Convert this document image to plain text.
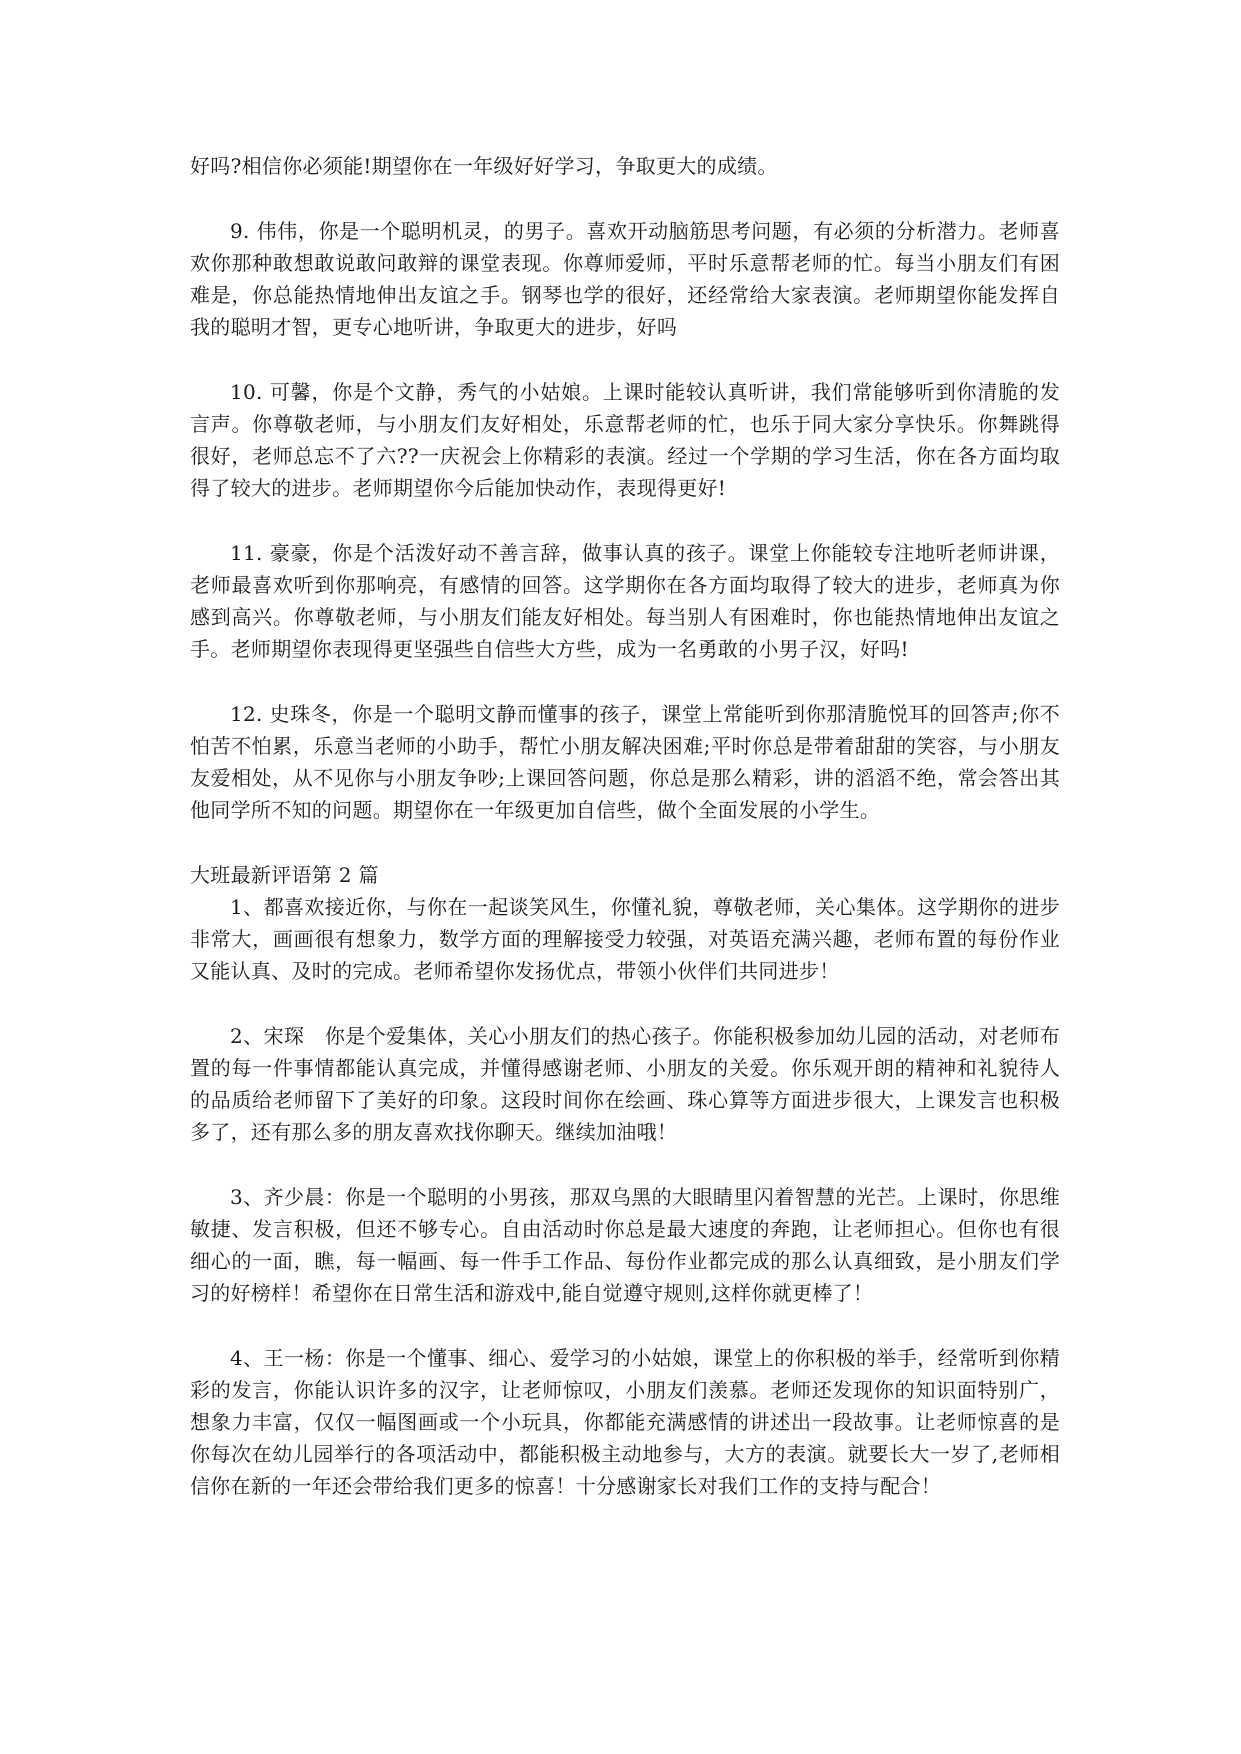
好吗?相信你必须能!期望你在一年级好好学习，争取更大的成绩。

9. 伟伟，你是一个聪明机灵，的男子。喜欢开动脑筋思考问题，有必须的分析潜力。老师喜欢你那种敢想敢说敢问敢辩的课堂表现。你尊师爱师，平时乐意帮老师的忙。每当小朋友们有困难是，你总能热情地伸出友谊之手。钢琴也学的很好，还经常给大家表演。老师期望你能发挥自我的聪明才智，更专心地听讲，争取更大的进步，好吗

10. 可馨，你是个文静，秀气的小姑娘。上课时能较认真听讲，我们常能够听到你清脆的发言声。你尊敬老师，与小朋友们友好相处，乐意帮老师的忙，也乐于同大家分享快乐。你舞跳得很好，老师总忘不了六??一庆祝会上你精彩的表演。经过一个学期的学习生活，你在各方面均取得了较大的进步。老师期望你今后能加快动作，表现得更好!

11. 豪豪，你是个活泼好动不善言辞，做事认真的孩子。课堂上你能较专注地听老师讲课，老师最喜欢听到你那响亮，有感情的回答。这学期你在各方面均取得了较大的进步，老师真为你感到高兴。你尊敬老师，与小朋友们能友好相处。每当别人有困难时，你也能热情地伸出友谊之手。老师期望你表现得更坚强些自信些大方些，成为一名勇敢的小男子汉，好吗!

12. 史珠冬，你是一个聪明文静而懂事的孩子，课堂上常能听到你那清脆悦耳的回答声;你不怕苦不怕累，乐意当老师的小助手，帮忙小朋友解决困难;平时你总是带着甜甜的笑容，与小朋友友爱相处，从不见你与小朋友争吵;上课回答问题，你总是那么精彩，讲的滔滔不绝，常会答出其他同学所不知的问题。期望你在一年级更加自信些，做个全面发展的小学生。

大班最新评语第 2 篇

1、都喜欢接近你，与你在一起谈笑风生，你懂礼貌，尊敬老师，关心集体。这学期你的进步非常大，画画很有想象力，数学方面的理解接受力较强，对英语充满兴趣，老师布置的每份作业又能认真、及时的完成。老师希望你发扬优点，带领小伙伴们共同进步！

2、宋琛　你是个爱集体，关心小朋友们的热心孩子。你能积极参加幼儿园的活动，对老师布置的每一件事情都能认真完成，并懂得感谢老师、小朋友的关爱。你乐观开朗的精神和礼貌待人的品质给老师留下了美好的印象。这段时间你在绘画、珠心算等方面进步很大，上课发言也积极多了，还有那么多的朋友喜欢找你聊天。继续加油哦！

3、齐少晨：你是一个聪明的小男孩，那双乌黑的大眼睛里闪着智慧的光芒。上课时，你思维敏捷、发言积极，但还不够专心。自由活动时你总是最大速度的奔跑，让老师担心。但你也有很细心的一面，瞧，每一幅画、每一件手工作品、每份作业都完成的那么认真细致，是小朋友们学习的好榜样！希望你在日常生活和游戏中,能自觉遵守规则,这样你就更棒了！

4、王一杨：你是一个懂事、细心、爱学习的小姑娘，课堂上的你积极的举手，经常听到你精彩的发言，你能认识许多的汉字，让老师惊叹，小朋友们羡慕。老师还发现你的知识面特别广，想象力丰富，仅仅一幅图画或一个小玩具，你都能充满感情的讲述出一段故事。让老师惊喜的是你每次在幼儿园举行的各项活动中，都能积极主动地参与，大方的表演。就要长大一岁了,老师相信你在新的一年还会带给我们更多的惊喜！十分感谢家长对我们工作的支持与配合！
